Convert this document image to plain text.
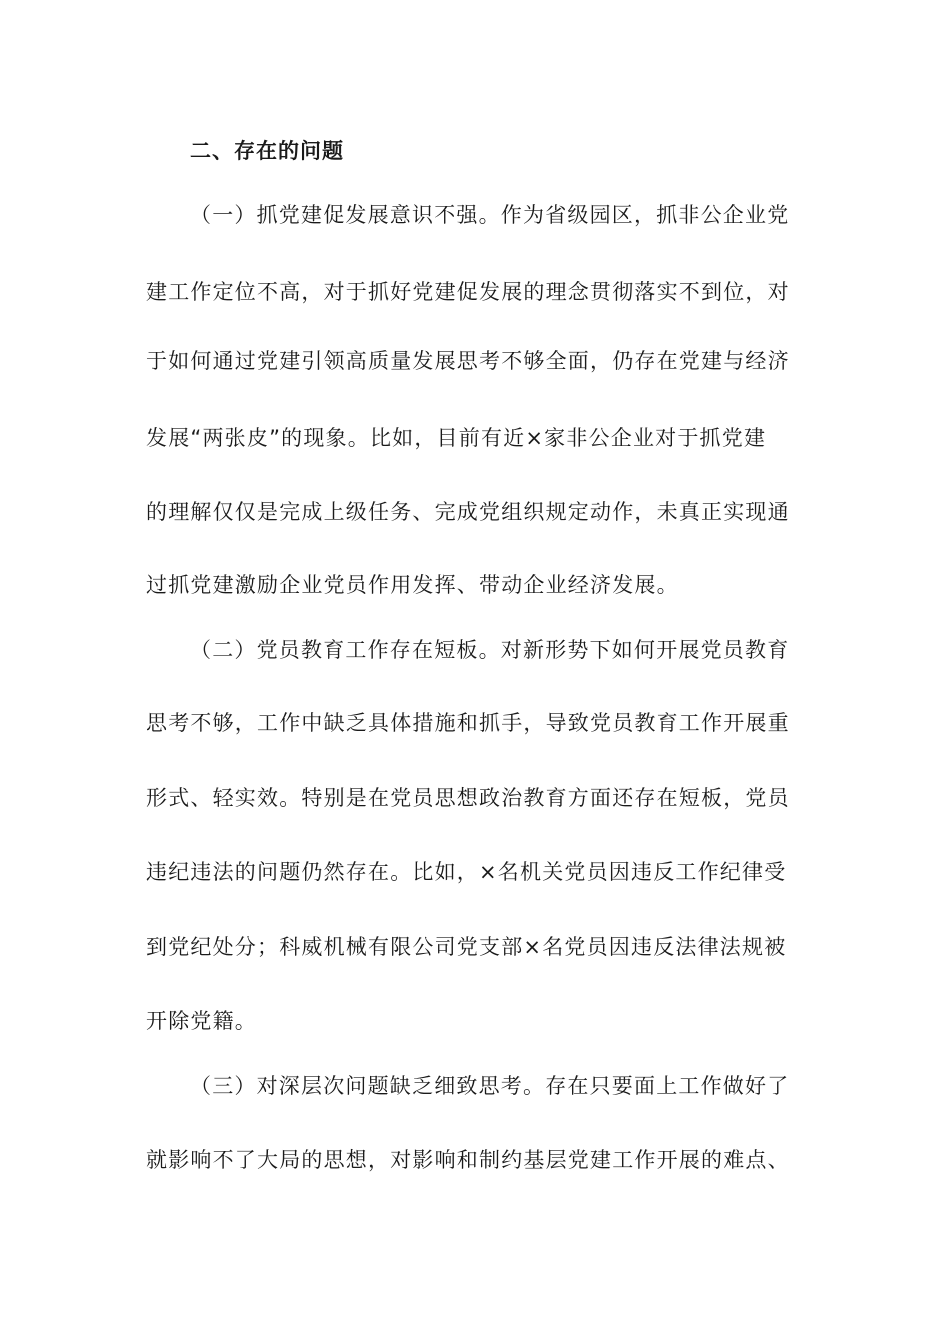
二、存在的问题
（一）抓党建促发展意识不强。作为省级园区，抓非公企业党
建工作定位不高，对于抓好党建促发展的理念贯彻落实不到位，对
于如何通过党建引领高质量发展思考不够全面，仍存在党建与经济
发展“两张皮”的现象。比如，目前有近×家非公企业对于抓党建
的理解仅仅是完成上级任务、完成党组织规定动作，未真正实现通
过抓党建激励企业党员作用发挥、带动企业经济发展。
（二）党员教育工作存在短板。对新形势下如何开展党员教育
思考不够，工作中缺乏具体措施和抓手，导致党员教育工作开展重
形式、轻实效。特别是在党员思想政治教育方面还存在短板，党员
违纪违法的问题仍然存在。比如，×名机关党员因违反工作纪律受
到党纪处分；科威机械有限公司党支部×名党员因违反法律法规被
开除党籍。
（三）对深层次问题缺乏细致思考。存在只要面上工作做好了
就影响不了大局的思想，对影响和制约基层党建工作开展的难点、
